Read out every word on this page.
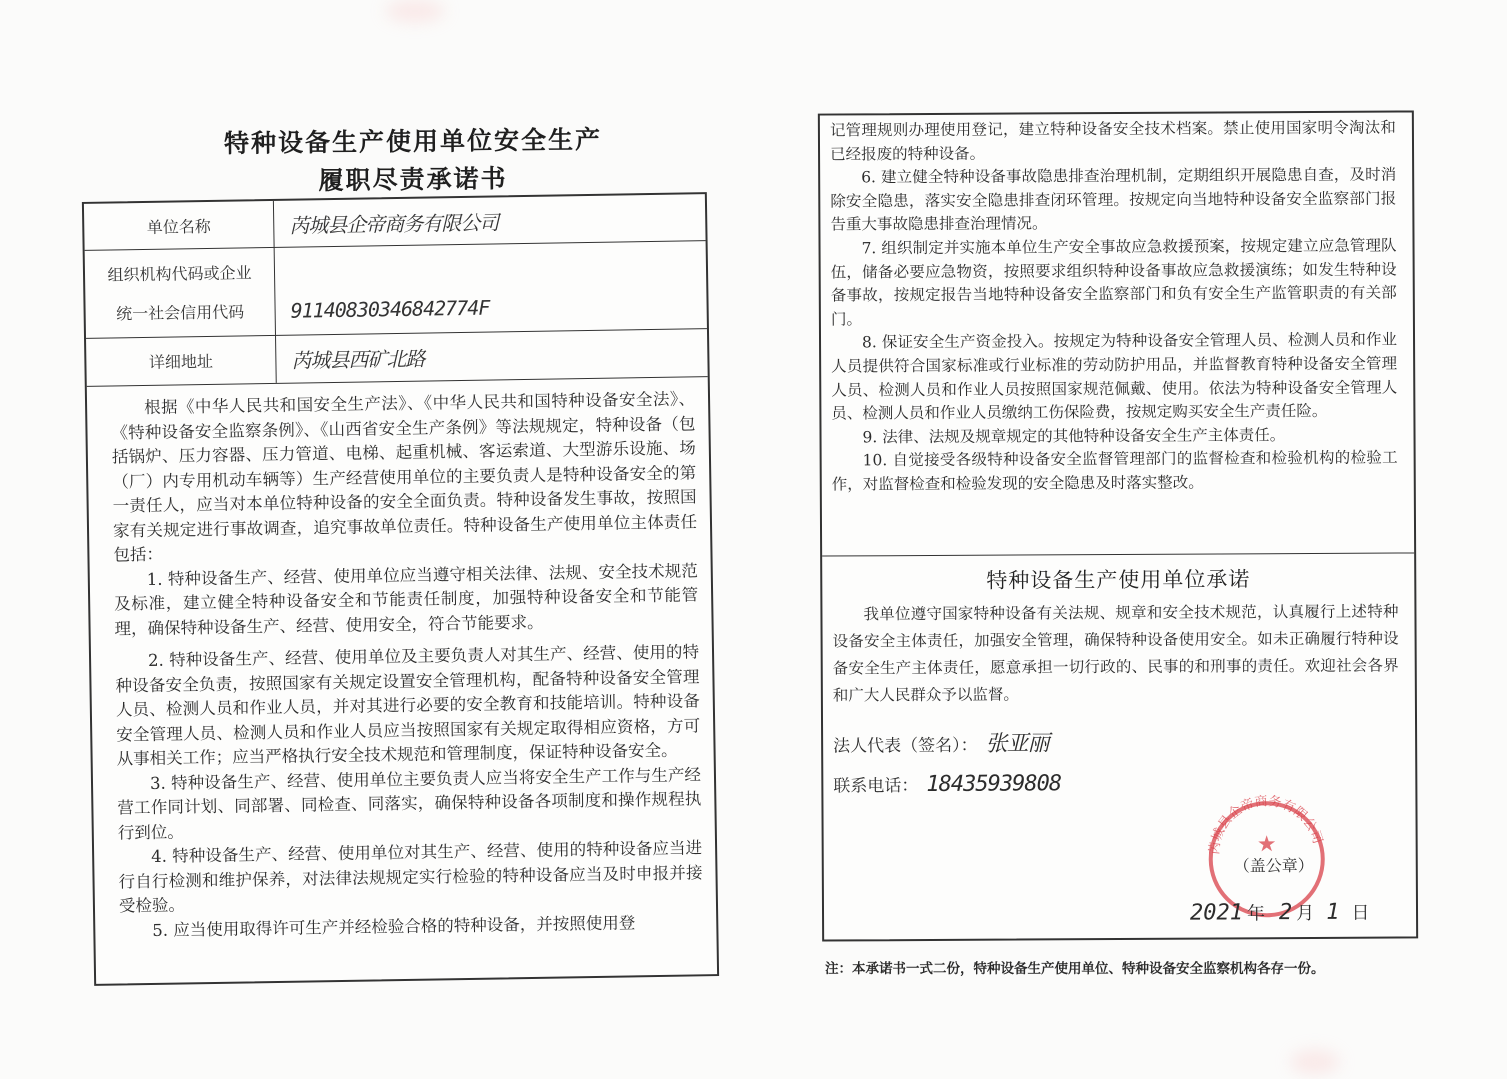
特种设备生产使用单位安全生产
履职尽责承诺书
单位名称	芮城县企帝商务有限公司
组织机构代码或企业
统一社会信用代码 91140830346842774F
详细地址	芮城县西矿北路

根据《中华人民共和国安全生产法》、《中华人民共和国特种设备安全法》、《特种设备安全监察条例》、《山西省安全生产条例》等法规规定，特种设备（包括锅炉、压力容器、压力管道、电梯、起重机械、客运索道、大型游乐设施、场（厂）内专用机动车辆等）生产经营使用单位的主要负责人是特种设备安全的第一责任人，应当对本单位特种设备的安全全面负责。特种设备发生事故，按照国家有关规定进行事故调查，追究事故单位责任。特种设备生产使用单位主体责任包括：

1. 特种设备生产、经营、使用单位应当遵守相关法律、法规、安全技术规范及标准，建立健全特种设备安全和节能责任制度，加强特种设备安全和节能管理，确保特种设备生产、经营、使用安全，符合节能要求。

2. 特种设备生产、经营、使用单位及主要负责人对其生产、经营、使用的特种设备安全负责，按照国家有关规定设置安全管理机构，配备特种设备安全管理人员、检测人员和作业人员，并对其进行必要的安全教育和技能培训。特种设备安全管理人员、检测人员和作业人员应当按照国家有关规定取得相应资格，方可从事相关工作；应当严格执行安全技术规范和管理制度，保证特种设备安全。

3. 特种设备生产、经营、使用单位主要负责人应当将安全生产工作与生产经营工作同计划、同部署、同检查、同落实，确保特种设备各项制度和操作规程执行到位。

4. 特种设备生产、经营、使用单位对其生产、经营、使用的特种设备应当进行自行检测和维护保养，对法律法规规定实行检验的特种设备应当及时申报并接受检验。

5. 应当使用取得许可生产并经检验合格的特种设备，并按照使用登

记管理规则办理使用登记，建立特种设备安全技术档案。禁止使用国家明令淘汰和已经报废的特种设备。

6. 建立健全特种设备事故隐患排查治理机制，定期组织开展隐患自查，及时消除安全隐患，落实安全隐患排查闭环管理。按规定向当地特种设备安全监察部门报告重大事故隐患排查治理情况。

7. 组织制定并实施本单位生产安全事故应急救援预案，按规定建立应急管理队伍，储备必要应急物资，按照要求组织特种设备事故应急救援演练；如发生特种设备事故，按规定报告当地特种设备安全监察部门和负有安全生产监管职责的有关部门。

8. 保证安全生产资金投入。按规定为特种设备安全管理人员、检测人员和作业人员提供符合国家标准或行业标准的劳动防护用品，并监督教育特种设备安全管理人员、检测人员和作业人员按照国家规范佩戴、使用。依法为特种设备安全管理人员、检测人员和作业人员缴纳工伤保险费，按规定购买安全生产责任险。

9. 法律、法规及规章规定的其他特种设备安全生产主体责任。

10. 自觉接受各级特种设备安全监督管理部门的监督检查和检验机构的检验工作，对监督检查和检验发现的安全隐患及时落实整改。

特种设备生产使用单位承诺

我单位遵守国家特种设备有关法规、规章和安全技术规范，认真履行上述特种设备安全主体责任，加强安全管理，确保特种设备使用安全。如未正确履行特种设备安全生产主体责任，愿意承担一切行政的、民事的和刑事的责任。欢迎社会各界和广大人民群众予以监督。

法人代表（签名）： 张亚丽
联系电话： 18435939808
芮城县企帝商务有限公司
★
（盖公章）
2021 年 2 月 1 日
注：本承诺书一式二份，特种设备生产使用单位、特种设备安全监察机构各存一份。
